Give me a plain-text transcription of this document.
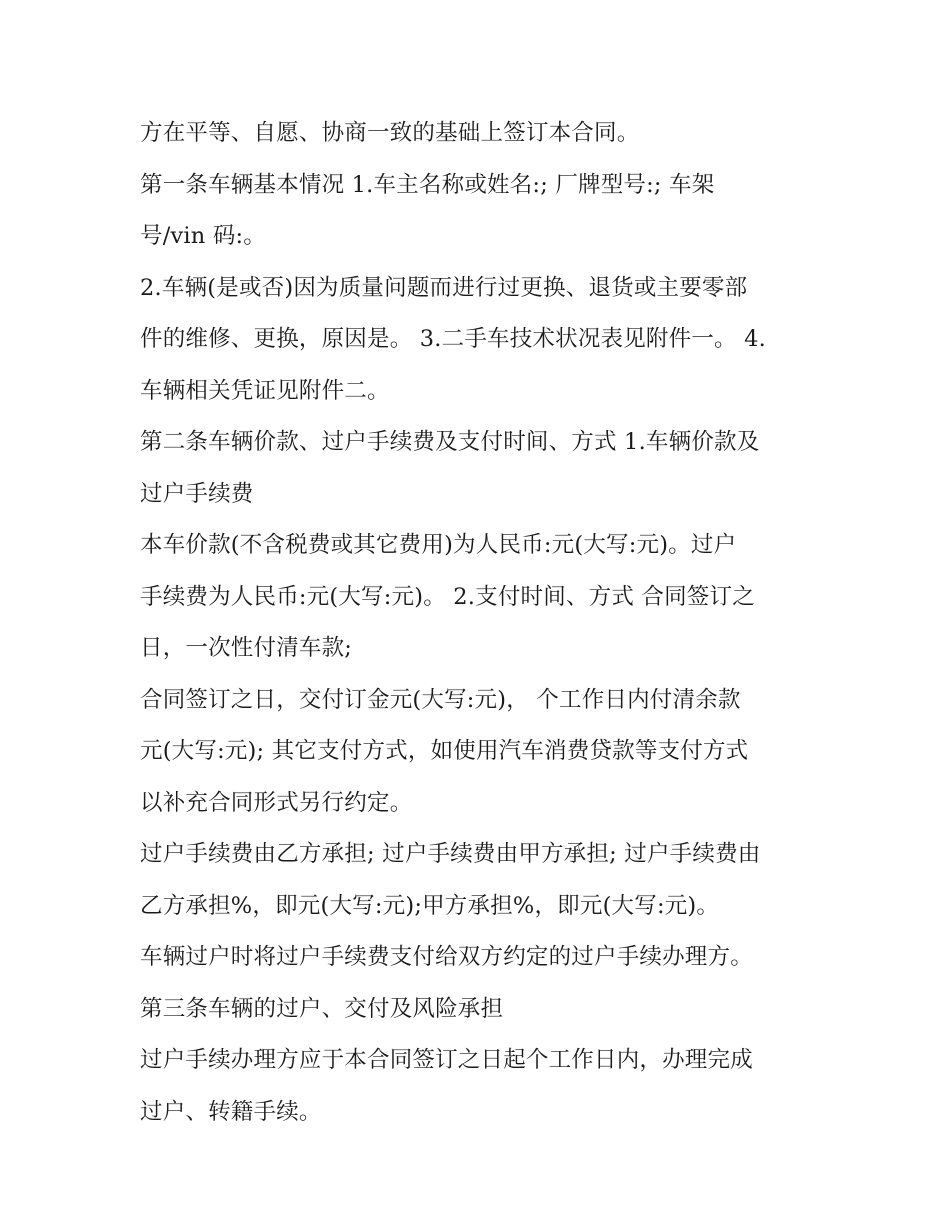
方在平等、自愿、协商一致的基础上签订本合同。
第一条车辆基本情况 1.车主名称或姓名:; 厂牌型号:; 车架
号/vin 码:。
2.车辆(是或否)因为质量问题而进行过更换、退货或主要零部
件的维修、更换，原因是。 3.二手车技术状况表见附件一。 4.
车辆相关凭证见附件二。
第二条车辆价款、过户手续费及支付时间、方式 1.车辆价款及
过户手续费
本车价款(不含税费或其它费用)为人民币:元(大写:元)。过户
手续费为人民币:元(大写:元)。 2.支付时间、方式 合同签订之
日，一次性付清车款;
合同签订之日，交付订金元(大写:元)， 个工作日内付清余款
元(大写:元); 其它支付方式，如使用汽车消费贷款等支付方式
以补充合同形式另行约定。
过户手续费由乙方承担; 过户手续费由甲方承担; 过户手续费由
乙方承担%，即元(大写:元);甲方承担%，即元(大写:元)。
车辆过户时将过户手续费支付给双方约定的过户手续办理方。
第三条车辆的过户、交付及风险承担
过户手续办理方应于本合同签订之日起个工作日内，办理完成
过户、转籍手续。
